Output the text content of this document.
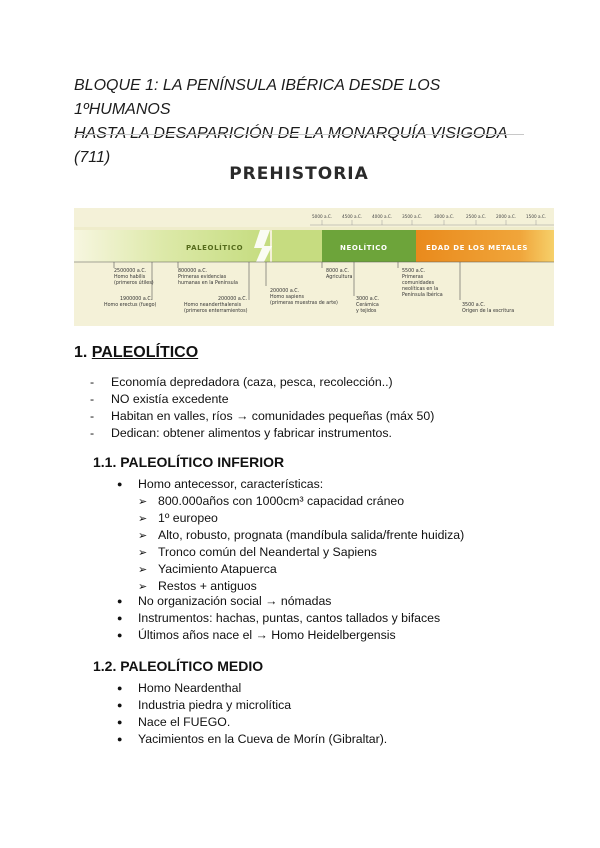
BLOQUE 1: LA PENÍNSULA IBÉRICA DESDE LOS 1ºHUMANOS
HASTA LA DESAPARICIÓN DE LA MONARQUÍA VISIGODA (711)
PREHISTORIA
5000 a.C. 4500 a.C. 4000 a.C. 3500 a.C.	3000 a.C.	2500 a.C. 2000 a.C. 1500 a.C.
PALEOLÍTICO	NEOLÍTICO	EDAD DE LOS METALES
2500000 a.C.
Homo habilis
(primeros útiles)
1900000 a.C.
Homo erectus (fuego)
800000 a.C.
Primeras evidencias
humanas en la Península
200000 a.C.
Homo neanderthalensis
(primeros enterramientos)
200000 a.C.
Homo sapiens
(primeras muestras de arte)
8000 a.C.
Agricultura
3000 a.C.
Cerámica
y tejidos
5500 a.C.
Primeras
comunidades
neolíticas en la
Península Ibérica
3500 a.C.
Origen de la escritura
1. PALEOLÍTICO
- Economía depredadora (caza, pesca, recolección..)
- NO existía excedente
- Habitan en valles, ríos → comunidades pequeñas (máx 50)
- Dedican: obtener alimentos y fabricar instrumentos.
1.1. PALEOLÍTICO INFERIOR
● Homo antecessor, características:
➢ 800.000años con 1000cm³ capacidad cráneo
➢ 1º europeo
➢ Alto, robusto, prognata (mandíbula salida/frente huidiza)
➢ Tronco común del Neandertal y Sapiens
➢ Yacimiento Atapuerca
➢ Restos + antiguos
● No organización social → nómadas
● Instrumentos: hachas, puntas, cantos tallados y bifaces
● Últimos años nace el → Homo Heidelbergensis
1.2. PALEOLÍTICO MEDIO
● Homo Neardenthal
● Industria piedra y microlítica
● Nace el FUEGO.
● Yacimientos en la Cueva de Morín (Gibraltar).
